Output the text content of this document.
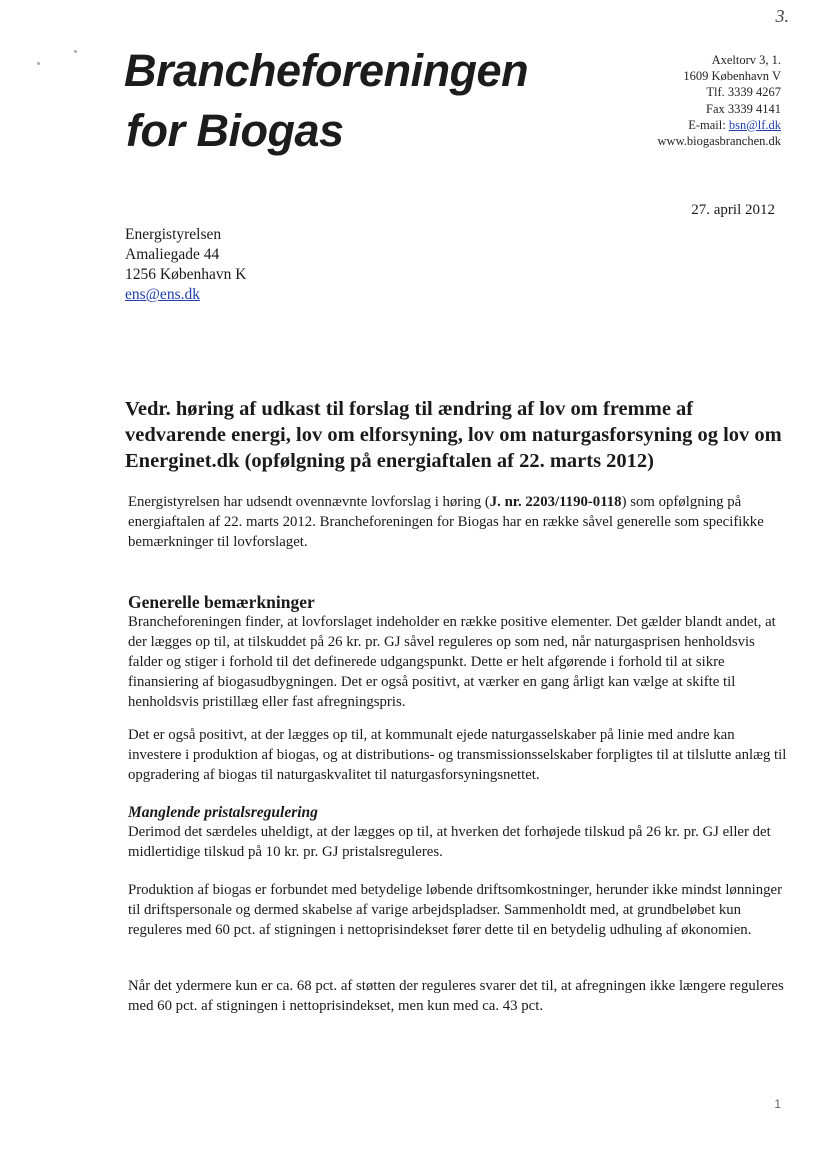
3.
Brancheforeningen
for Biogas
Axeltorv 3, 1.
1609 København V
Tlf. 3339 4267
Fax 3339 4141
E-mail: bsn@lf.dk
www.biogasbranchen.dk
27. april 2012
Energistyrelsen
Amaliegade 44
1256 København K
ens@ens.dk
Vedr. høring af udkast til forslag til ændring af lov om fremme af vedvarende energi, lov om elforsyning, lov om naturgasforsyning og lov om Energinet.dk (opfølgning på energiaftalen af 22. marts 2012)
Energistyrelsen har udsendt ovennævnte lovforslag i høring (J. nr. 2203/1190-0118) som opfølgning på energiaftalen af 22. marts 2012. Brancheforeningen for Biogas har en række såvel generelle som specifikke bemærkninger til lovforslaget.
Generelle bemærkninger
Brancheforeningen finder, at lovforslaget indeholder en række positive elementer. Det gælder blandt andet, at der lægges op til, at tilskuddet på 26 kr. pr. GJ såvel reguleres op som ned, når naturgasprisen henholdsvis falder og stiger i forhold til det definerede udgangspunkt. Dette er helt afgørende i forhold til at sikre finansiering af biogasudbygningen. Det er også positivt, at værker en gang årligt kan vælge at skifte til henholdsvis pristillæg eller fast afregningspris.
Det er også positivt, at der lægges op til, at kommunalt ejede naturgasselskaber på linie med andre kan investere i produktion af biogas, og at distributions- og transmissionsselskaber forpligtes til at tilslutte anlæg til opgradering af biogas til naturgaskvalitet til naturgasforsyningsnettet.
Manglende pristalsregulering
Derimod det særdeles uheldigt, at der lægges op til, at hverken det forhøjede tilskud på 26 kr. pr. GJ eller det midlertidige tilskud på 10 kr. pr. GJ pristalsreguleres.
Produktion af biogas er forbundet med betydelige løbende driftsomkostninger, herunder ikke mindst lønninger til driftspersonale og dermed skabelse af varige arbejdspladser. Sammenholdt med, at grundbeløbet kun reguleres med 60 pct. af stigningen i nettoprisindekset fører dette til en betydelig udhuling af økonomien.
Når det ydermere kun er ca. 68 pct. af støtten der reguleres svarer det til, at afregningen ikke længere reguleres med 60 pct. af stigningen i nettoprisindekset, men kun med ca. 43 pct.
1
